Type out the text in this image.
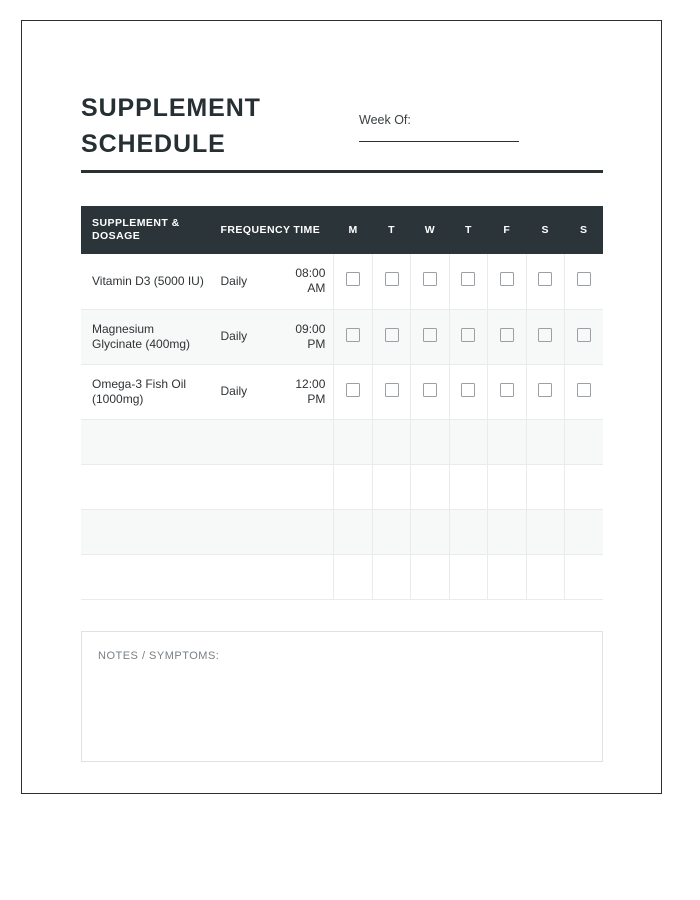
SUPPLEMENT
SCHEDULE
Week Of:
SUPPLEMENT & DOSAGE	FREQUENCY	TIME	M	T	W	T	F	S	S
Vitamin D3 (5000 IU)	Daily	08:00 AM							
Magnesium Glycinate (400mg)	Daily	09:00 PM							
Omega-3 Fish Oil (1000mg)	Daily	12:00 PM							

NOTES / SYMPTOMS:
